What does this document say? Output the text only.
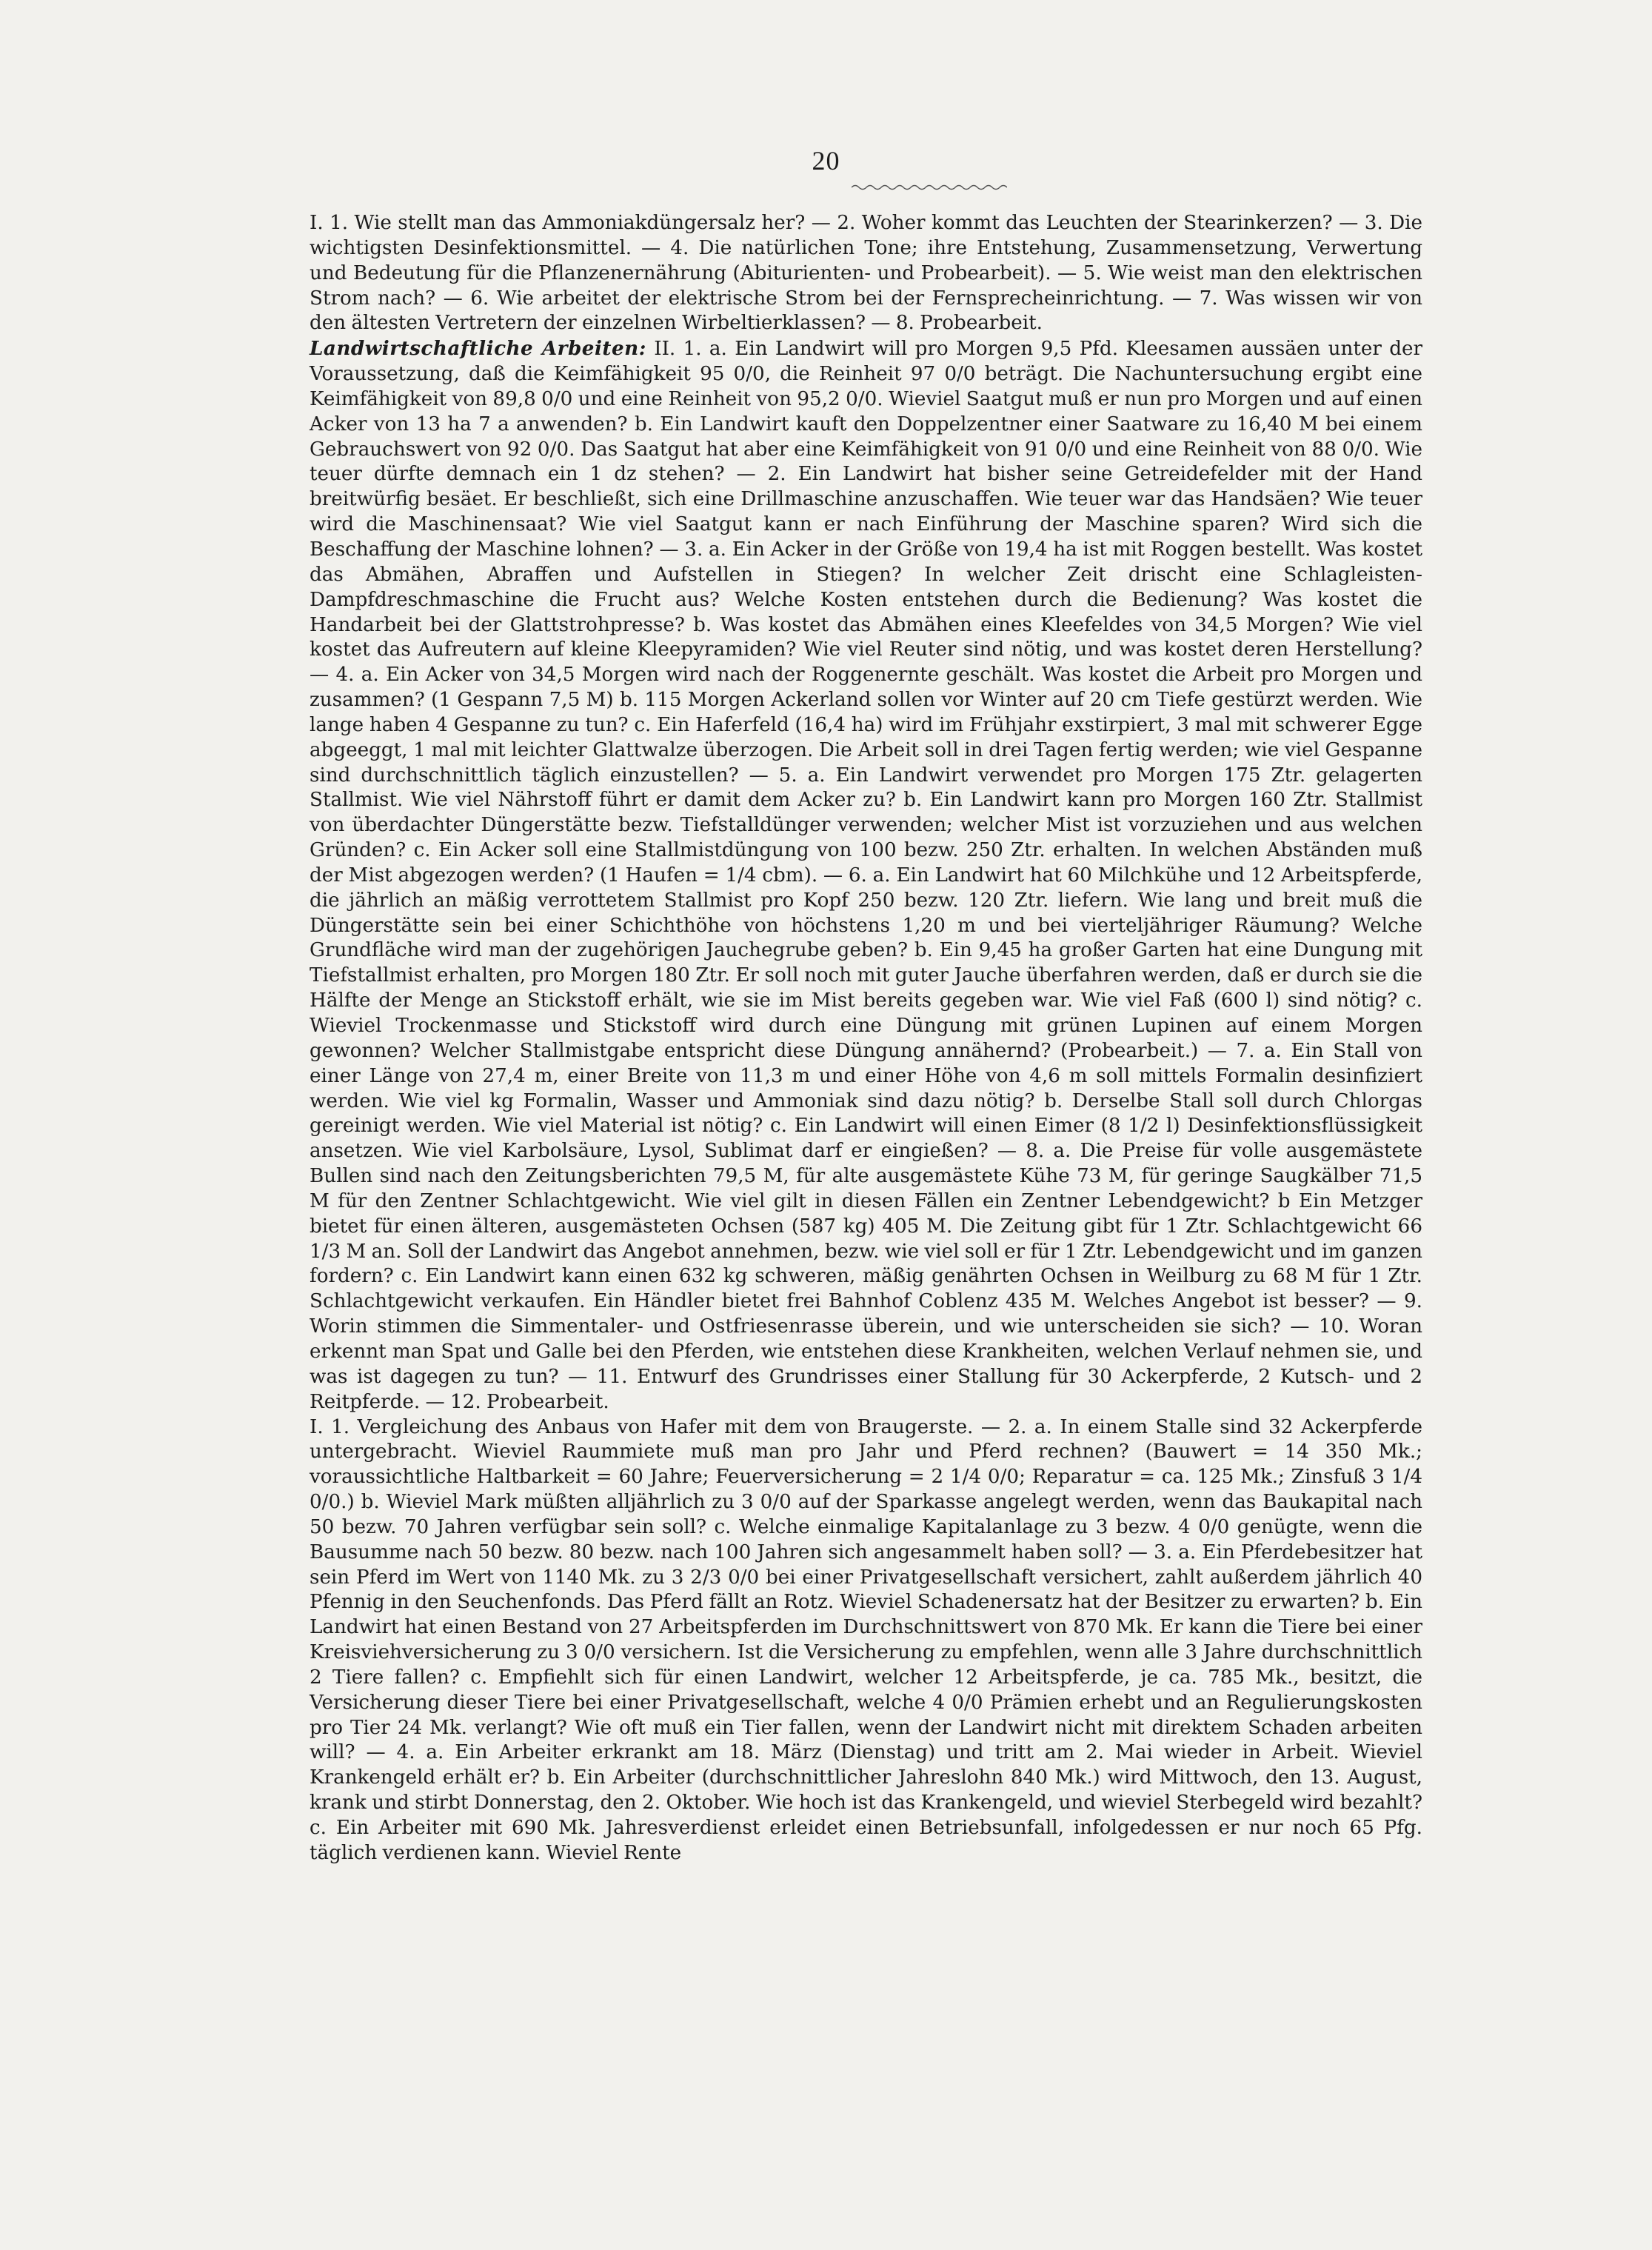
20

I. 1. Wie stellt man das Ammoniakdüngersalz her? — 2. Woher kommt das Leuchten der Stearinkerzen? — 3. Die wichtigsten Desinfektionsmittel. — 4. Die natürlichen Tone; ihre Entstehung, Zusammensetzung, Verwertung und Bedeutung für die Pflanzenernährung (Abiturienten- und Probearbeit). — 5. Wie weist man den elektrischen Strom nach? — 6. Wie arbeitet der elektrische Strom bei der Fernsprecheinrichtung. — 7. Was wissen wir von den ältesten Vertretern der einzelnen Wirbeltierklassen? — 8. Probearbeit.

Landwirtschaftliche Arbeiten: II. 1. a. Ein Landwirt will pro Morgen 9,5 Pfd. Kleesamen aussäen unter der Voraussetzung, daß die Keimfähigkeit 95 0/0, die Reinheit 97 0/0 beträgt. Die Nachuntersuchung ergibt eine Keimfähigkeit von 89,8 0/0 und eine Reinheit von 95,2 0/0. Wieviel Saatgut muß er nun pro Morgen und auf einen Acker von 13 ha 7 a anwenden? b. Ein Landwirt kauft den Doppelzentner einer Saatware zu 16,40 M bei einem Gebrauchswert von 92 0/0. Das Saatgut hat aber eine Keimfähigkeit von 91 0/0 und eine Reinheit von 88 0/0. Wie teuer dürfte demnach ein 1 dz stehen? — 2. Ein Landwirt hat bisher seine Getreidefelder mit der Hand breitwürfig besäet. Er beschließt, sich eine Drillmaschine anzuschaffen. Wie teuer war das Handsäen? Wie teuer wird die Maschinensaat? Wie viel Saatgut kann er nach Einführung der Maschine sparen? Wird sich die Beschaffung der Maschine lohnen? — 3. a. Ein Acker in der Größe von 19,4 ha ist mit Roggen bestellt. Was kostet das Abmähen, Abraffen und Aufstellen in Stiegen? In welcher Zeit drischt eine Schlagleisten-Dampfdreschmaschine die Frucht aus? Welche Kosten entstehen durch die Bedienung? Was kostet die Handarbeit bei der Glattstrohpresse? b. Was kostet das Abmähen eines Kleefeldes von 34,5 Morgen? Wie viel kostet das Aufreutern auf kleine Kleepyramiden? Wie viel Reuter sind nötig, und was kostet deren Herstellung? — 4. a. Ein Acker von 34,5 Morgen wird nach der Roggenernte geschält. Was kostet die Arbeit pro Morgen und zusammen? (1 Gespann 7,5 M) b. 115 Morgen Ackerland sollen vor Winter auf 20 cm Tiefe gestürzt werden. Wie lange haben 4 Gespanne zu tun? c. Ein Haferfeld (16,4 ha) wird im Frühjahr exstirpiert, 3 mal mit schwerer Egge abgeeggt, 1 mal mit leichter Glattwalze überzogen. Die Arbeit soll in drei Tagen fertig werden; wie viel Gespanne sind durchschnittlich täglich einzustellen? — 5. a. Ein Landwirt verwendet pro Morgen 175 Ztr. gelagerten Stallmist. Wie viel Nährstoff führt er damit dem Acker zu? b. Ein Landwirt kann pro Morgen 160 Ztr. Stallmist von überdachter Düngerstätte bezw. Tiefstalldünger verwenden; welcher Mist ist vorzuziehen und aus welchen Gründen? c. Ein Acker soll eine Stallmistdüngung von 100 bezw. 250 Ztr. erhalten. In welchen Abständen muß der Mist abgezogen werden? (1 Haufen = 1/4 cbm). — 6. a. Ein Landwirt hat 60 Milchkühe und 12 Arbeitspferde, die jährlich an mäßig verrottetem Stallmist pro Kopf 250 bezw. 120 Ztr. liefern. Wie lang und breit muß die Düngerstätte sein bei einer Schichthöhe von höchstens 1,20 m und bei vierteljähriger Räumung? Welche Grundfläche wird man der zugehörigen Jauchegrube geben? b. Ein 9,45 ha großer Garten hat eine Dungung mit Tiefstallmist erhalten, pro Morgen 180 Ztr. Er soll noch mit guter Jauche überfahren werden, daß er durch sie die Hälfte der Menge an Stickstoff erhält, wie sie im Mist bereits gegeben war. Wie viel Faß (600 l) sind nötig? c. Wieviel Trockenmasse und Stickstoff wird durch eine Düngung mit grünen Lupinen auf einem Morgen gewonnen? Welcher Stallmistgabe entspricht diese Düngung annähernd? (Probearbeit.) — 7. a. Ein Stall von einer Länge von 27,4 m, einer Breite von 11,3 m und einer Höhe von 4,6 m soll mittels Formalin desinfiziert werden. Wie viel kg Formalin, Wasser und Ammoniak sind dazu nötig? b. Derselbe Stall soll durch Chlorgas gereinigt werden. Wie viel Material ist nötig? c. Ein Landwirt will einen Eimer (8 1/2 l) Desinfektionsflüssigkeit ansetzen. Wie viel Karbolsäure, Lysol, Sublimat darf er eingießen? — 8. a. Die Preise für volle ausgemästete Bullen sind nach den Zeitungsberichten 79,5 M, für alte ausgemästete Kühe 73 M, für geringe Saugkälber 71,5 M für den Zentner Schlachtgewicht. Wie viel gilt in diesen Fällen ein Zentner Lebendgewicht? b Ein Metzger bietet für einen älteren, ausgemästeten Ochsen (587 kg) 405 M. Die Zeitung gibt für 1 Ztr. Schlachtgewicht 66 1/3 M an. Soll der Landwirt das Angebot annehmen, bezw. wie viel soll er für 1 Ztr. Lebendgewicht und im ganzen fordern? c. Ein Landwirt kann einen 632 kg schweren, mäßig genährten Ochsen in Weilburg zu 68 M für 1 Ztr. Schlachtgewicht verkaufen. Ein Händler bietet frei Bahnhof Coblenz 435 M. Welches Angebot ist besser? — 9. Worin stimmen die Simmentaler- und Ostfriesenrasse überein, und wie unterscheiden sie sich? — 10. Woran erkennt man Spat und Galle bei den Pferden, wie entstehen diese Krankheiten, welchen Verlauf nehmen sie, und was ist dagegen zu tun? — 11. Entwurf des Grundrisses einer Stallung für 30 Ackerpferde, 2 Kutsch- und 2 Reitpferde. — 12. Probearbeit.

I. 1. Vergleichung des Anbaus von Hafer mit dem von Braugerste. — 2. a. In einem Stalle sind 32 Ackerpferde untergebracht. Wieviel Raummiete muß man pro Jahr und Pferd rechnen? (Bauwert = 14 350 Mk.; voraussichtliche Haltbarkeit = 60 Jahre; Feuerversicherung = 2 1/4 0/0; Reparatur = ca. 125 Mk.; Zinsfuß 3 1/4 0/0.) b. Wieviel Mark müßten alljährlich zu 3 0/0 auf der Sparkasse angelegt werden, wenn das Baukapital nach 50 bezw. 70 Jahren verfügbar sein soll? c. Welche einmalige Kapitalanlage zu 3 bezw. 4 0/0 genügte, wenn die Bausumme nach 50 bezw. 80 bezw. nach 100 Jahren sich angesammelt haben soll? — 3. a. Ein Pferdebesitzer hat sein Pferd im Wert von 1140 Mk. zu 3 2/3 0/0 bei einer Privatgesellschaft versichert, zahlt außerdem jährlich 40 Pfennig in den Seuchenfonds. Das Pferd fällt an Rotz. Wieviel Schadenersatz hat der Besitzer zu erwarten? b. Ein Landwirt hat einen Bestand von 27 Arbeitspferden im Durchschnittswert von 870 Mk. Er kann die Tiere bei einer Kreisviehversicherung zu 3 0/0 versichern. Ist die Versicherung zu empfehlen, wenn alle 3 Jahre durchschnittlich 2 Tiere fallen? c. Empfiehlt sich für einen Landwirt, welcher 12 Arbeitspferde, je ca. 785 Mk., besitzt, die Versicherung dieser Tiere bei einer Privatgesellschaft, welche 4 0/0 Prämien erhebt und an Regulierungskosten pro Tier 24 Mk. verlangt? Wie oft muß ein Tier fallen, wenn der Landwirt nicht mit direktem Schaden arbeiten will? — 4. a. Ein Arbeiter erkrankt am 18. März (Dienstag) und tritt am 2. Mai wieder in Arbeit. Wieviel Krankengeld erhält er? b. Ein Arbeiter (durchschnittlicher Jahreslohn 840 Mk.) wird Mittwoch, den 13. August, krank und stirbt Donnerstag, den 2. Oktober. Wie hoch ist das Krankengeld, und wieviel Sterbegeld wird bezahlt? c. Ein Arbeiter mit 690 Mk. Jahresverdienst erleidet einen Betriebsunfall, infolgedessen er nur noch 65 Pfg. täglich verdienen kann. Wieviel Rente
